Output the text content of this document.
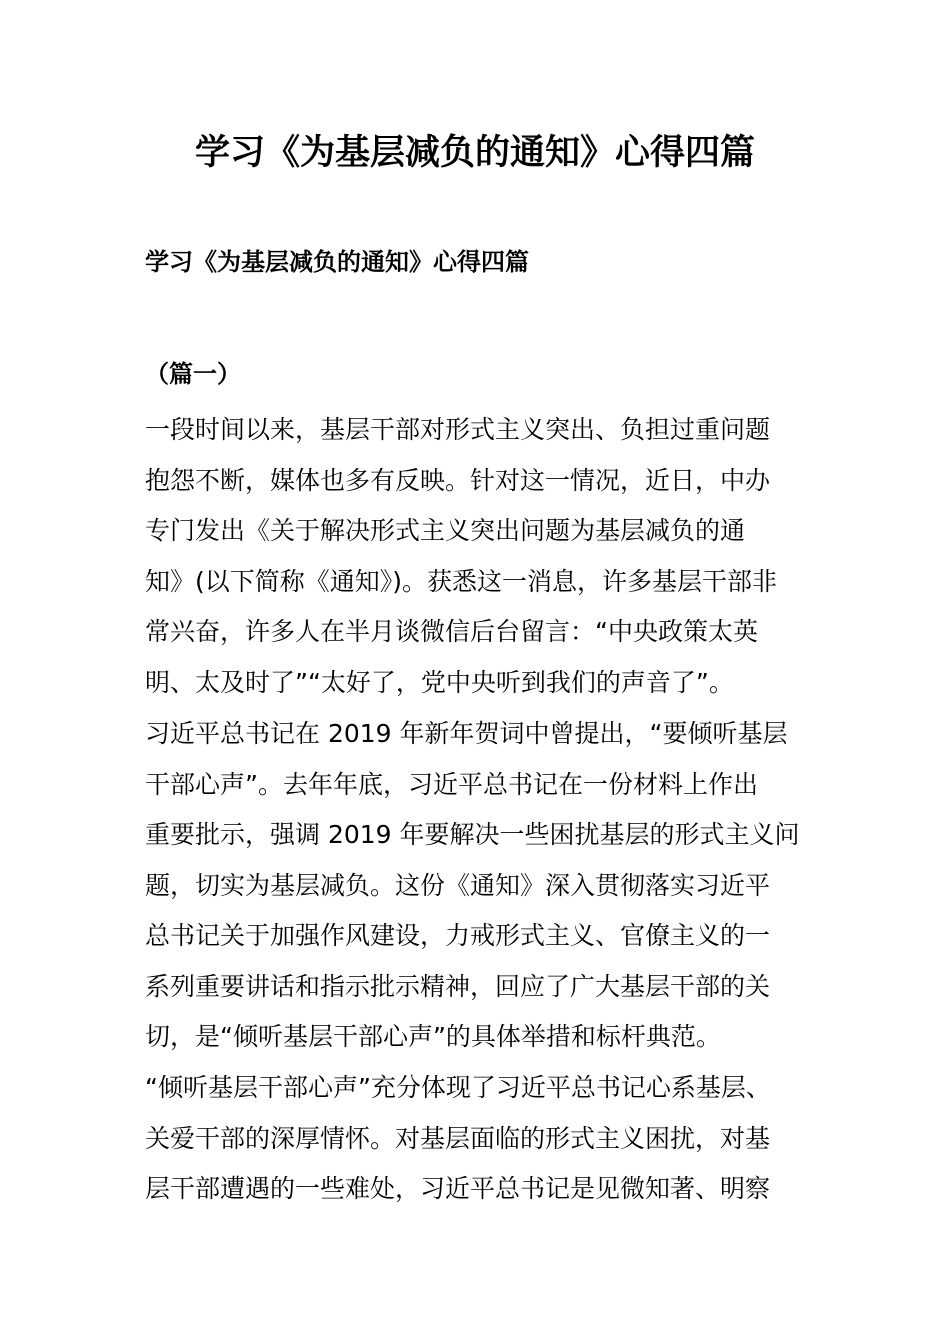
学习《为基层减负的通知》心得四篇
学习《为基层减负的通知》心得四篇
（篇一）

一段时间以来，基层干部对形式主义突出、负担过重问题
抱怨不断，媒体也多有反映。针对这一情况，近日，中办
专门发出《关于解决形式主义突出问题为基层减负的通
知》(以下简称《通知》)。获悉这一消息，许多基层干部非
常兴奋，许多人在半月谈微信后台留言：“中央政策太英
明、太及时了”“太好了，党中央听到我们的声音了”。

习近平总书记在 2019 年新年贺词中曾提出，“要倾听基层
干部心声”。去年年底，习近平总书记在一份材料上作出
重要批示，强调 2019 年要解决一些困扰基层的形式主义问
题，切实为基层减负。这份《通知》深入贯彻落实习近平
总书记关于加强作风建设，力戒形式主义、官僚主义的一
系列重要讲话和指示批示精神，回应了广大基层干部的关
切，是“倾听基层干部心声”的具体举措和标杆典范。

“倾听基层干部心声”充分体现了习近平总书记心系基层、
关爱干部的深厚情怀。对基层面临的形式主义困扰，对基
层干部遭遇的一些难处，习近平总书记是见微知著、明察
